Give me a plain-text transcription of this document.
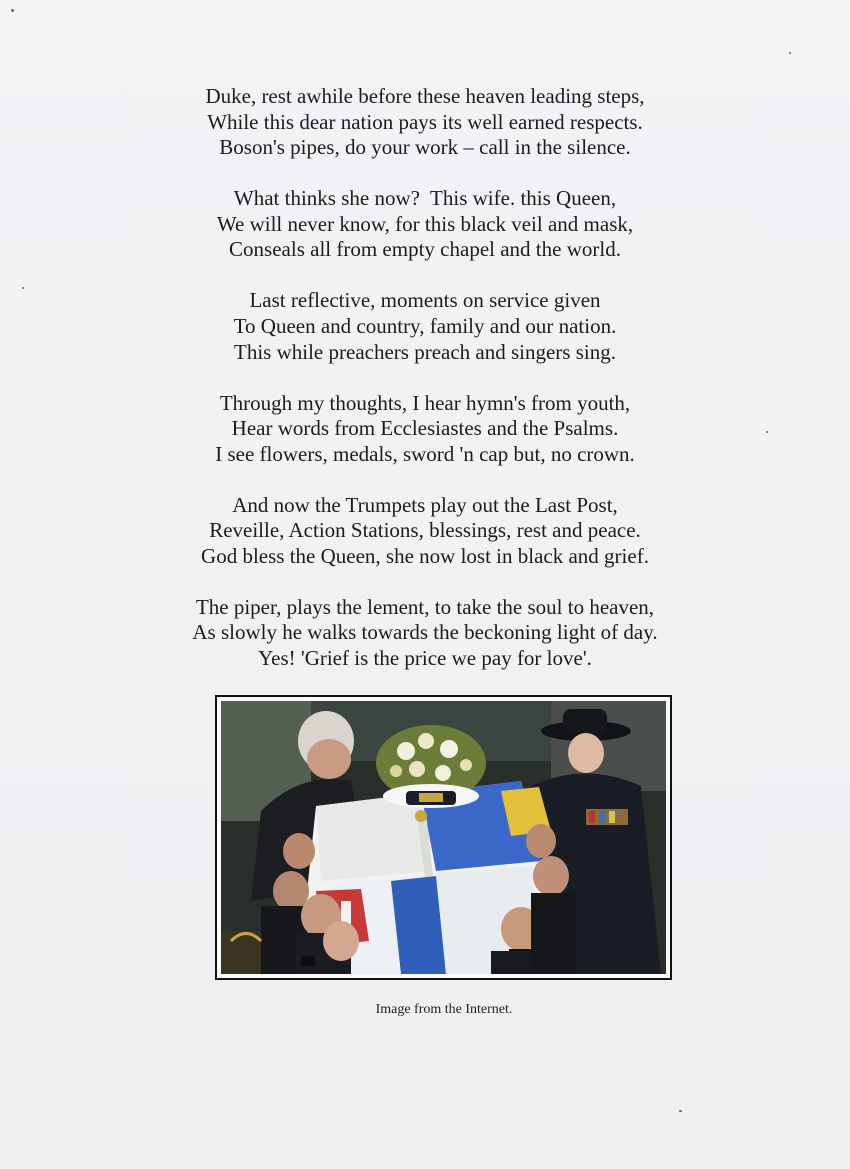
Duke, rest awhile before these heaven leading steps,
While this dear nation pays its well earned respects.
Boson's pipes, do your work – call in the silence.

What thinks she now?  This wife. this Queen,
We will never know, for this black veil and mask,
Conseals all from empty chapel and the world.

Last reflective, moments on service given
To Queen and country, family and our nation.
This while preachers preach and singers sing.

Through my thoughts, I hear hymn's from youth,
Hear words from Ecclesiastes and the Psalms.
I see flowers, medals, sword 'n cap but, no crown.

And now the Trumpets play out the Last Post,
Reveille, Action Stations, blessings, rest and peace.
God bless the Queen, she now lost in black and grief.

The piper, plays the lement, to take the soul to heaven,
As slowly he walks towards the beckoning light of day.
Yes! 'Grief is the price we pay for love'.

Image from the Internet.
